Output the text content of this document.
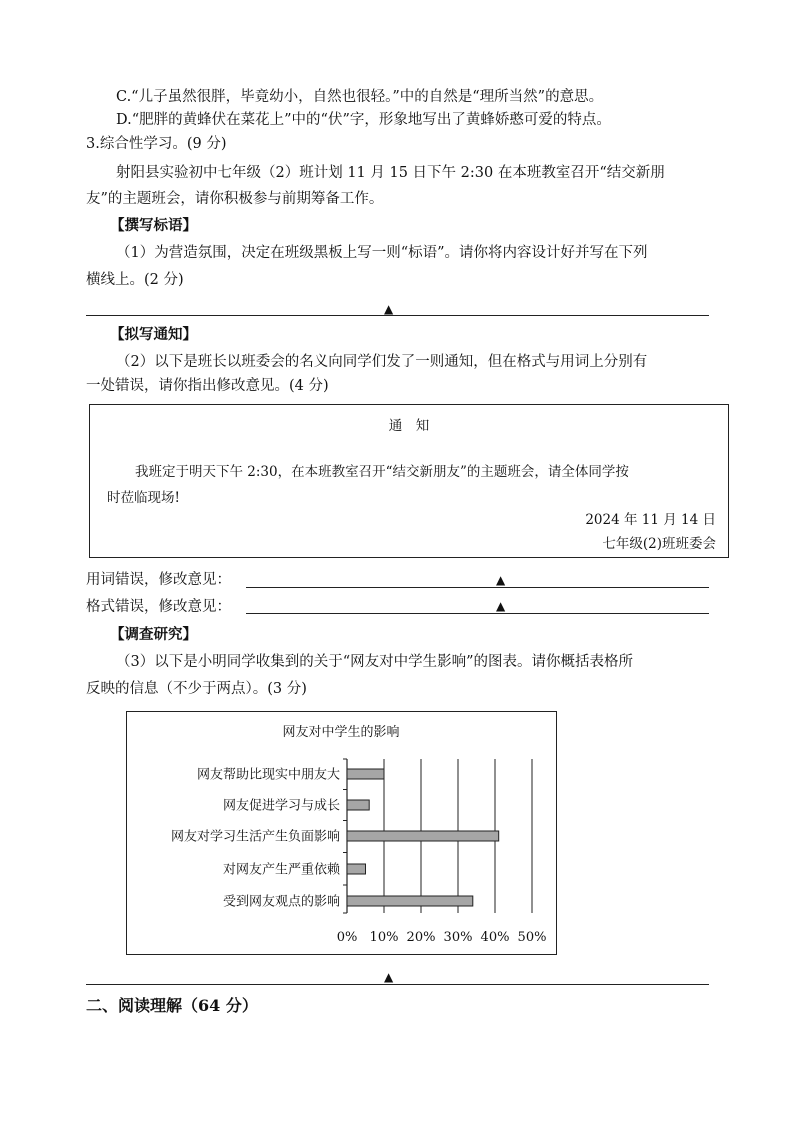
C.“儿子虽然很胖，毕竟幼小，自然也很轻。”中的自然是“理所当然”的意思。
D.“肥胖的黄蜂伏在菜花上”中的“伏”字，形象地写出了黄蜂娇憨可爱的特点。
3.综合性学习。(9 分)
射阳县实验初中七年级（2）班计划 11 月 15 日下午 2:30 在本班教室召开“结交新朋
友”的主题班会，请你积极参与前期筹备工作。
【撰写标语】
（1）为营造氛围，决定在班级黑板上写一则“标语”。请你将内容设计好并写在下列
横线上。(2 分)
▲
【拟写通知】
（2）以下是班长以班委会的名义向同学们发了一则通知，但在格式与用词上分别有
一处错误，请你指出修改意见。(4 分)
通　知
我班定于明天下午 2:30，在本班教室召开“结交新朋友”的主题班会，请全体同学按
时莅临现场!
2024 年 11 月 14 日
七年级(2)班班委会
用词错误，修改意见：	▲
格式错误，修改意见：	▲
【调查研究】
（3）以下是小明同学收集到的关于“网友对中学生影响”的图表。请你概括表格所
反映的信息（不少于两点）。(3 分)
网友对中学生的影响
网友帮助比现实中朋友大
网友促进学习与成长
网友对学习生活产生负面影响
对网友产生严重依赖
受到网友观点的影响
0% 10% 20% 30% 40% 50%
▲
二、阅读理解（64 分）
